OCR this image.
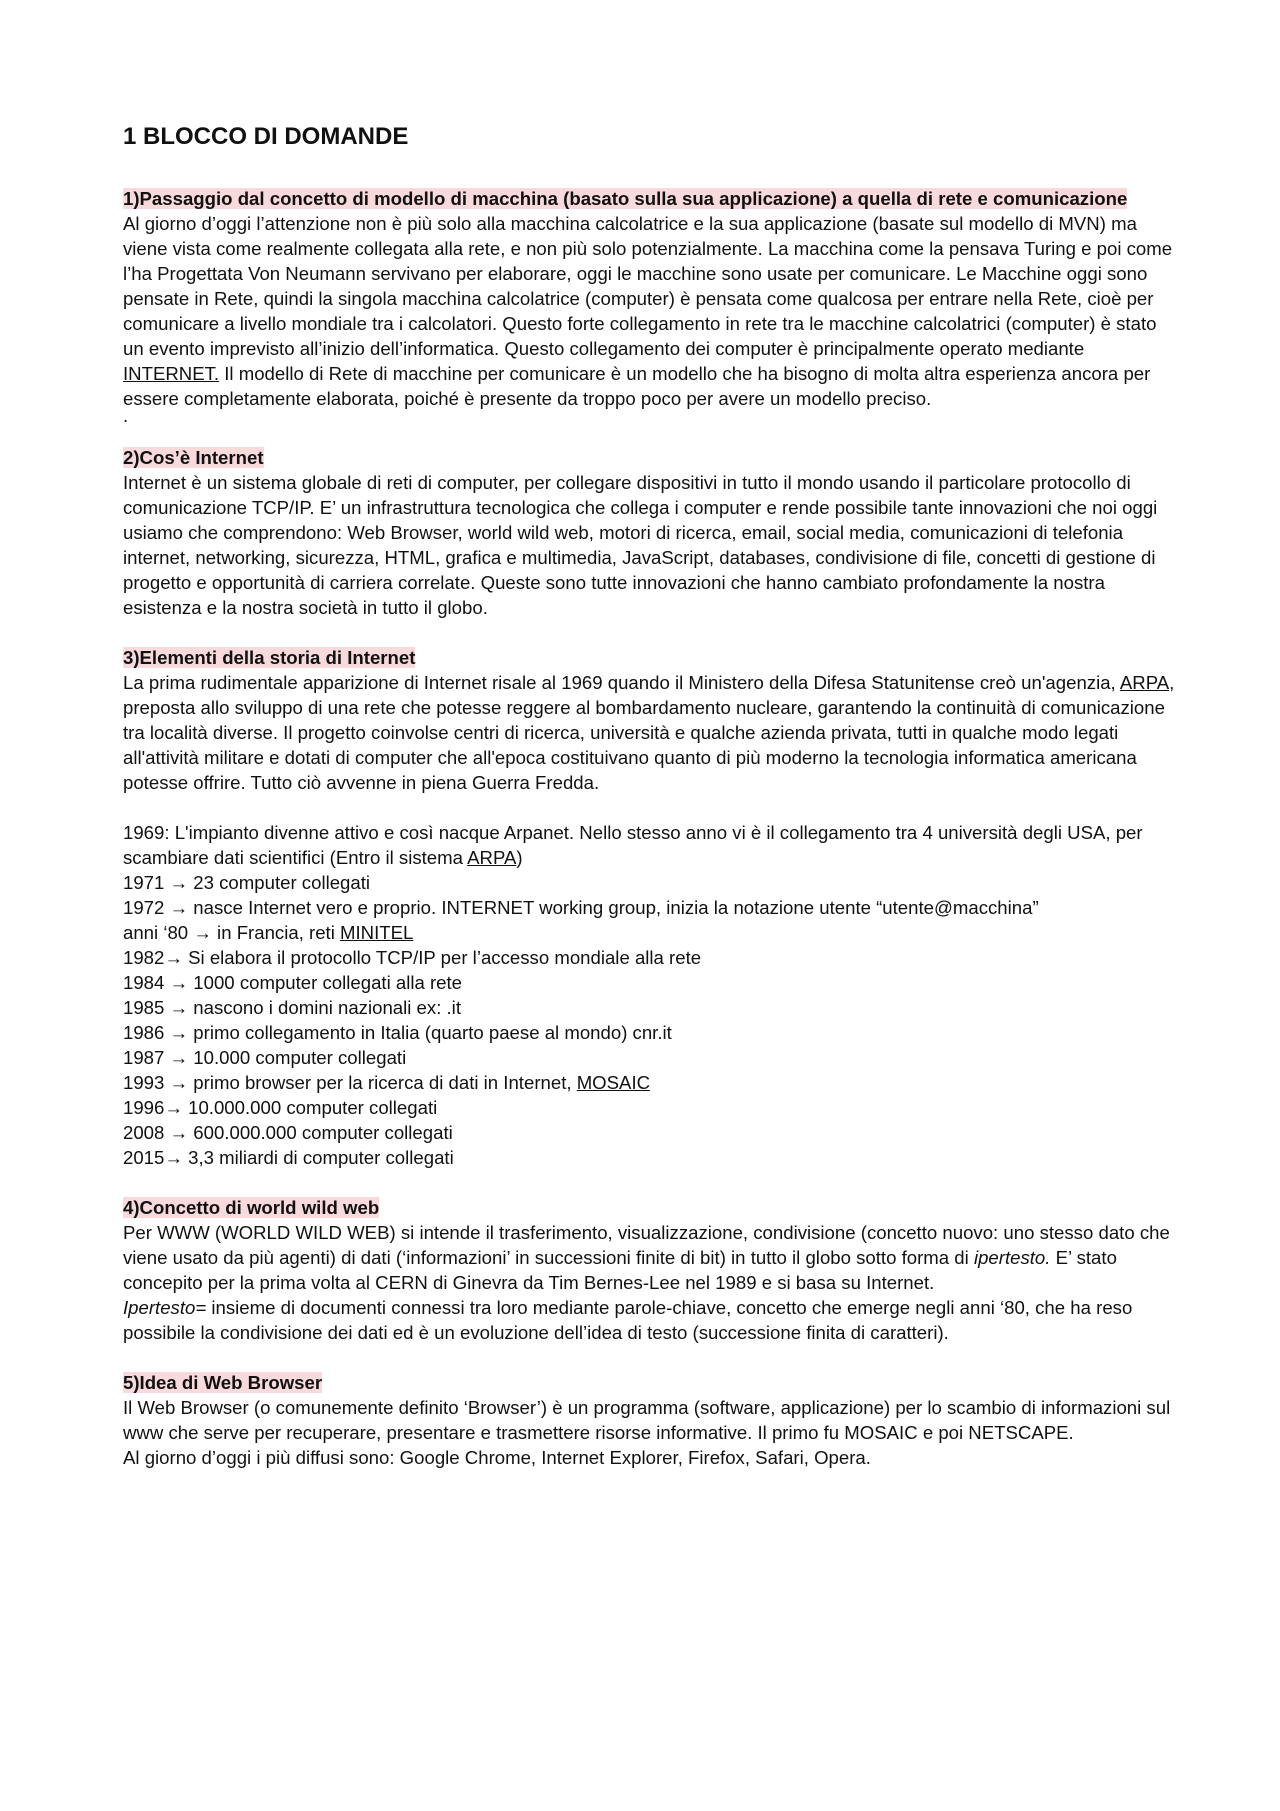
1 BLOCCO DI DOMANDE

1)Passaggio dal concetto di modello di macchina (basato sulla sua applicazione) a quella di rete e comunicazione

Al giorno d’oggi l’attenzione non è più solo alla macchina calcolatrice e la sua applicazione (basate sul modello di MVN) ma viene vista come realmente collegata alla rete, e non più solo potenzialmente. La macchina come la pensava Turing e poi come l’ha Progettata Von Neumann servivano per elaborare, oggi le macchine sono usate per comunicare. Le Macchine oggi sono pensate in Rete, quindi la singola macchina calcolatrice (computer) è pensata come qualcosa per entrare nella Rete, cioè per comunicare a livello mondiale tra i calcolatori. Questo forte collegamento in rete tra le macchine calcolatrici (computer) è stato un evento imprevisto all’inizio dell’informatica. Questo collegamento dei computer è principalmente operato mediante INTERNET. Il modello di Rete di macchine per comunicare è un modello che ha bisogno di molta altra esperienza ancora per essere completamente elaborata, poiché è presente da troppo poco per avere un modello preciso.

.

2)Cos’è Internet

Internet è un sistema globale di reti di computer, per collegare dispositivi in tutto il mondo usando il particolare protocollo di comunicazione TCP/IP. E’ un infrastruttura tecnologica che collega i computer e rende possibile tante innovazioni che noi oggi usiamo che comprendono: Web Browser, world wild web, motori di ricerca, email, social media, comunicazioni di telefonia internet, networking, sicurezza, HTML, grafica e multimedia, JavaScript, databases, condivisione di file, concetti di gestione di progetto e opportunità di carriera correlate. Queste sono tutte innovazioni che hanno cambiato profondamente la nostra esistenza e la nostra società in tutto il globo.

3)Elementi della storia di Internet

La prima rudimentale apparizione di Internet risale al 1969 quando il Ministero della Difesa Statunitense creò un'agenzia, ARPA, preposta allo sviluppo di una rete che potesse reggere al bombardamento nucleare, garantendo la continuità di comunicazione tra località diverse. Il progetto coinvolse centri di ricerca, università e qualche azienda privata, tutti in qualche modo legati all'attività militare e dotati di computer che all'epoca costituivano quanto di più moderno la tecnologia informatica americana potesse offrire. Tutto ciò avvenne in piena Guerra Fredda.

1969: L'impianto divenne attivo e così nacque Arpanet. Nello stesso anno vi è il collegamento tra 4 università degli USA, per scambiare dati scientifici (Entro il sistema ARPA)

1971 → 23 computer collegati
1972 → nasce Internet vero e proprio. INTERNET working group, inizia la notazione utente “utente@macchina”
anni ‘80 → in Francia, reti MINITEL
1982→ Si elabora il protocollo TCP/IP per l’accesso mondiale alla rete
1984 → 1000 computer collegati alla rete
1985 → nascono i domini nazionali ex: .it
1986 → primo collegamento in Italia (quarto paese al mondo) cnr.it
1987 → 10.000 computer collegati
1993 → primo browser per la ricerca di dati in Internet, MOSAIC
1996→ 10.000.000 computer collegati
2008 → 600.000.000 computer collegati
2015→ 3,3 miliardi di computer collegati

4)Concetto di world wild web

Per WWW (WORLD WILD WEB) si intende il trasferimento, visualizzazione, condivisione (concetto nuovo: uno stesso dato che viene usato da più agenti) di dati (‘informazioni’ in successioni finite di bit) in tutto il globo sotto forma di ipertesto. E’ stato concepito per la prima volta al CERN di Ginevra da Tim Bernes-Lee nel 1989 e si basa su Internet.

Ipertesto= insieme di documenti connessi tra loro mediante parole-chiave, concetto che emerge negli anni ‘80, che ha reso possibile la condivisione dei dati ed è un evoluzione dell’idea di testo (successione finita di caratteri).

5)Idea di Web Browser

Il Web Browser (o comunemente definito ‘Browser’) è un programma (software, applicazione) per lo scambio di informazioni sul www che serve per recuperare, presentare e trasmettere risorse informative. Il primo fu MOSAIC e poi NETSCAPE.

Al giorno d’oggi i più diffusi sono: Google Chrome, Internet Explorer, Firefox, Safari, Opera.
